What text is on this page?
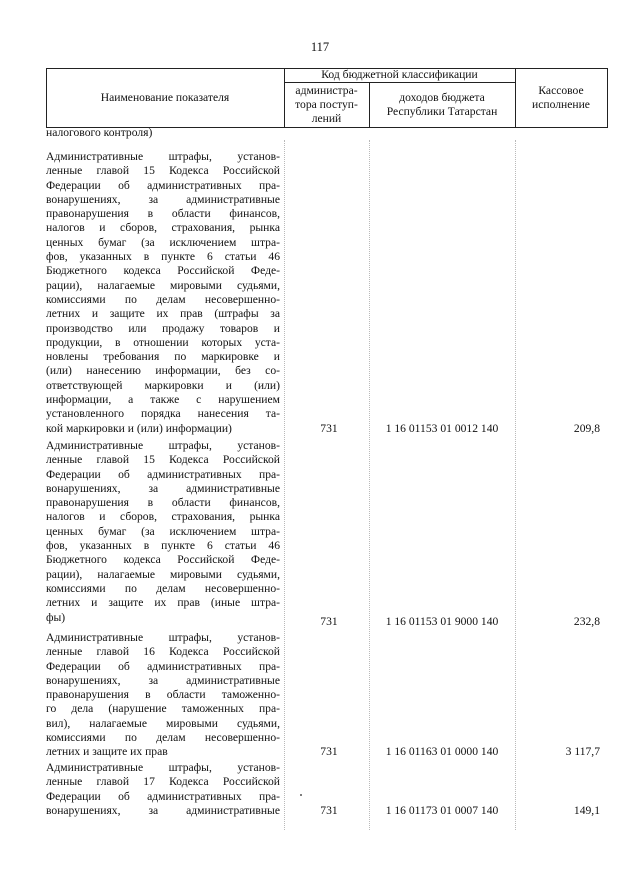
117
Наименование показателя
Код бюджетной классификации
администра-
тора поступ-
лений
доходов бюджета
Республики Татарстан
Кассовое
исполнение
налогового контроля)
Административные штрафы, установ-
ленные главой 15 Кодекса Российской
Федерации об административных пра-
вонарушениях, за административные
правонарушения в области финансов,
налогов и сборов, страхования, рынка
ценных бумаг (за исключением штра-
фов, указанных в пункте 6 статьи 46
Бюджетного кодекса Российской Феде-
рации), налагаемые мировыми судьями,
комиссиями по делам несовершенно-
летних и защите их прав (штрафы за
производство или продажу товаров и
продукции, в отношении которых уста-
новлены требования по маркировке и
(или) нанесению информации, без со-
ответствующей маркировки и (или)
информации, а также с нарушением
установленного порядка нанесения та-
кой маркировки и (или) информации)	731	1 16 01153 01 0012 140	209,8
Административные штрафы, установ-
ленные главой 15 Кодекса Российской
Федерации об административных пра-
вонарушениях, за административные
правонарушения в области финансов,
налогов и сборов, страхования, рынка
ценных бумаг (за исключением штра-
фов, указанных в пункте 6 статьи 46
Бюджетного кодекса Российской Феде-
рации), налагаемые мировыми судьями,
комиссиями по делам несовершенно-
летних и защите их прав (иные штра-
фы)	731	1 16 01153 01 9000 140	232,8
Административные штрафы, установ-
ленные главой 16 Кодекса Российской
Федерации об административных пра-
вонарушениях, за административные
правонарушения в области таможенно-
го дела (нарушение таможенных пра-
вил), налагаемые мировыми судьями,
комиссиями по делам несовершенно-
летних и защите их прав	731	1 16 01163 01 0000 140	3 117,7
Административные штрафы, установ-
ленные главой 17 Кодекса Российской
Федерации об административных пра-
вонарушениях, за административные	731	1 16 01173 01 0007 140	149,1
